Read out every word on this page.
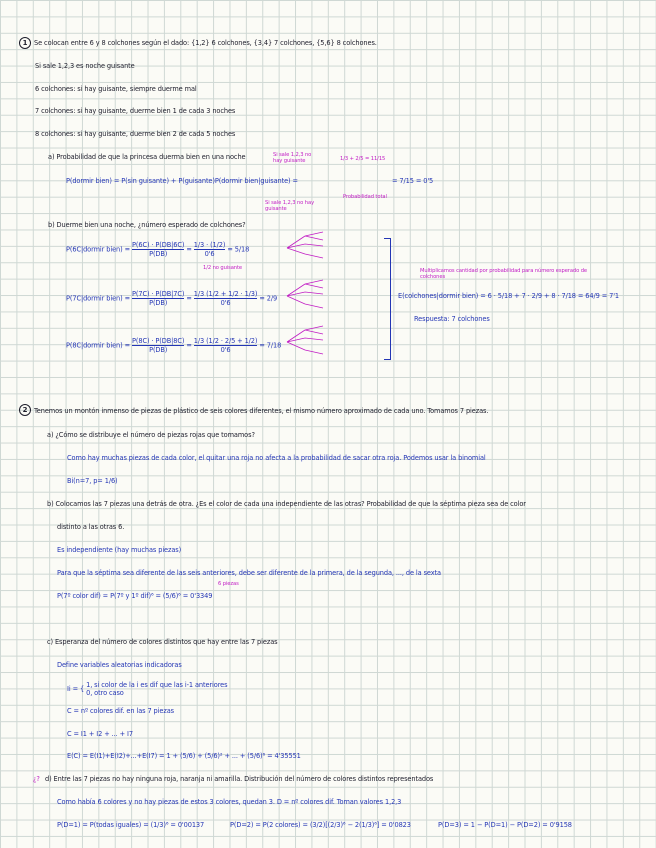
1 Se colocan entre 6 y 8 colchones según el dado: {1,2} 6 colchones, {3,4} 7 colchones, {5,6} 8 colchones.
Si sale 1,2,3 es noche guisante
6 colchones: si hay guisante, siempre duerme mal
7 colchones: si hay guisante, duerme bien 1 de cada 3 noches
8 colchones: si hay guisante, duerme bien 2 de cada 5 noches
a) Probabilidad de que la princesa duerma bien en una noche	Si sale 1,2,3 no hay guisante	1/3 + 2/5 = 11/15
P(dormir bien) = P(sin guisante) + P(guisante)P(dormir bien|guisante) =	= 7/15 = 0'5
Probabilidad total
Si sale 1,2,3 no hay guisante
b) Duerme bien una noche, ¿número esperado de colchones?
P(6C|dormir bien) = $\frac{P(6C) \cdot P(DB|6C)}{P(DB)} = \frac{1/3 \cdot (1/2)}{0'6} = 5/18$
1/2 no guisante
P(7C|dormir bien) = $\frac{P(7C) \cdot P(DB|7C)}{P(DB)} = \frac{1/3 (1/2 + 1/2 \cdot 1/3)}{0'6} = 2/9$
P(8C|dormir bien) = $\frac{P(8C) \cdot P(DB|8C)}{P(DB)} = \frac{1/3 (1/2 \cdot 2/5 + 1/2)}{0'6} = 7/18$
Multiplicamos cantidad por probabilidad para número esperado de colchones
E(colchones|dormir bien) = 6 · 5/18 + 7 · 2/9 + 8 · 7/18 = 64/9 = 7'1
Respuesta: 7 colchones
2 Tenemos un montón inmenso de piezas de plástico de seis colores diferentes, el mismo número aproximado de cada uno. Tomamos 7 piezas.
a) ¿Cómo se distribuye el número de piezas rojas que tomamos?
Como hay muchas piezas de cada color, el quitar una roja no afecta a la probabilidad de sacar otra roja. Podemos usar la binomial
Bi(n=7, p= 1/6)
b) Colocamos las 7 piezas una detrás de otra. ¿Es el color de cada una independiente de las otras? Probabilidad de que la séptima pieza sea de color
distinto a las otras 6.
Es independiente (hay muchas piezas)
Para que la séptima sea diferente de las seis anteriores, debe ser diferente de la primera, de la segunda, ..., de la sexta
6 piezas
P(7º color dif) = P(7º y 1º dif)⁶ = (5/6)⁶ = 0'3349
c) Esperanza del número de colores distintos que hay entre las 7 piezas
Define variables aleatorias indicadoras
Ii = { 1, si color de la i es dif que las i-1 anteriores
0, otro caso
C = nº colores dif. en las 7 piezas
C = I1 + I2 + ... + I7
E(C) = E(I1)+E(I2)+...+E(I7) = 1 + (5/6) + (5/6)² + ... + (5/6)⁶ = 4'35551
¿? d) Entre las 7 piezas no hay ninguna roja, naranja ni amarilla. Distribución del número de colores distintos representados
Como había 6 colores y no hay piezas de estos 3 colores, quedan 3. D = nº colores dif. Toman valores 1,2,3
P(D=1) = P(todas iguales) = (1/3)⁶ = 0'00137	P(D=2) = P(2 colores) = (3/2)[(2/3)⁶ − 2(1/3)⁶] = 0'0823	P(D=3) = 1 − P(D=1) − P(D=2) = 0'9158
